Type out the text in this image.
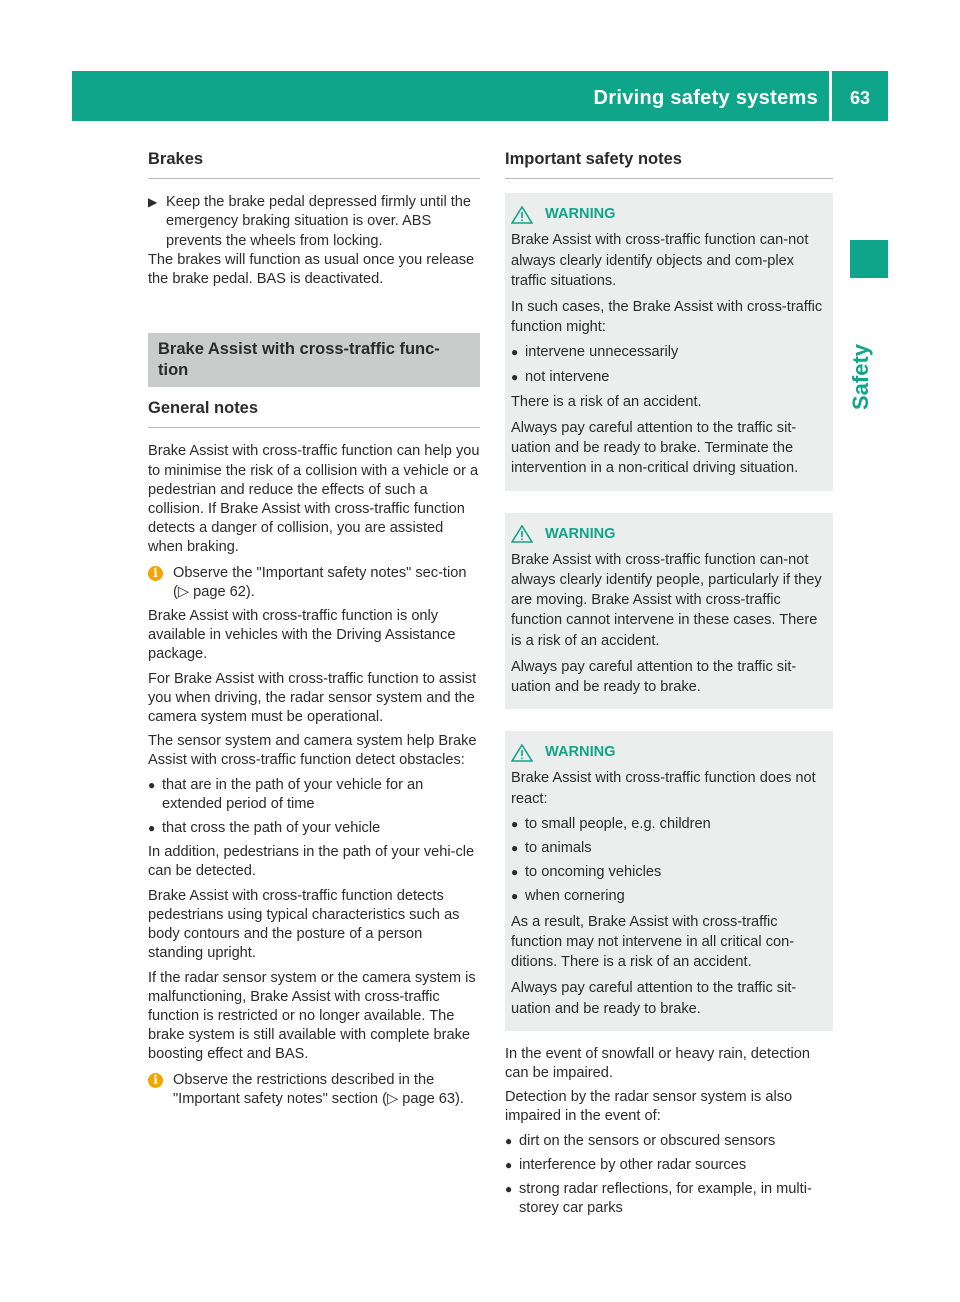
Driving safety systems 63
Safety
Brakes
▶ Keep the brake pedal depressed firmly until the emergency braking situation is over. ABS prevents the wheels from locking.

The brakes will function as usual once you release the brake pedal. BAS is deactivated.

Brake Assist with cross-traffic func-tion
General notes

Brake Assist with cross-traffic function can help you to minimise the risk of a collision with a vehicle or a pedestrian and reduce the effects of such a collision. If Brake Assist with cross-traffic function detects a danger of collision, you are assisted when braking.

i	Observe the "Important safety notes" sec-tion (▷ page 62).

Brake Assist with cross-traffic function is only available in vehicles with the Driving Assistance package.

For Brake Assist with cross-traffic function to assist you when driving, the radar sensor system and the camera system must be operational.

The sensor system and camera system help Brake Assist with cross-traffic function detect obstacles:

● that are in the path of your vehicle for an extended period of time
● that cross the path of your vehicle

In addition, pedestrians in the path of your vehi-cle can be detected.

Brake Assist with cross-traffic function detects pedestrians using typical characteristics such as body contours and the posture of a person standing upright.

If the radar sensor system or the camera system is malfunctioning, Brake Assist with cross-traffic function is restricted or no longer available. The brake system is still available with complete brake boosting effect and BAS.

i	Observe the restrictions described in the "Important safety notes" section (▷ page 63).
Important safety notes
WARNING

Brake Assist with cross-traffic function can-not always clearly identify objects and com-plex traffic situations.

In such cases, the Brake Assist with cross-traffic function might:

● intervene unnecessarily
● not intervene

There is a risk of an accident.

Always pay careful attention to the traffic sit-uation and be ready to brake. Terminate the intervention in a non-critical driving situation.

WARNING

Brake Assist with cross-traffic function can-not always clearly identify people, particularly if they are moving. Brake Assist with cross-traffic function cannot intervene in these cases. There is a risk of an accident.

Always pay careful attention to the traffic sit-uation and be ready to brake.

WARNING

Brake Assist with cross-traffic function does not react:

● to small people, e.g. children
● to animals
● to oncoming vehicles
● when cornering

As a result, Brake Assist with cross-traffic function may not intervene in all critical con-ditions. There is a risk of an accident.

Always pay careful attention to the traffic sit-uation and be ready to brake.

In the event of snowfall or heavy rain, detection can be impaired.

Detection by the radar sensor system is also impaired in the event of:

● dirt on the sensors or obscured sensors
● interference by other radar sources
● strong radar reflections, for example, in multi-storey car parks
